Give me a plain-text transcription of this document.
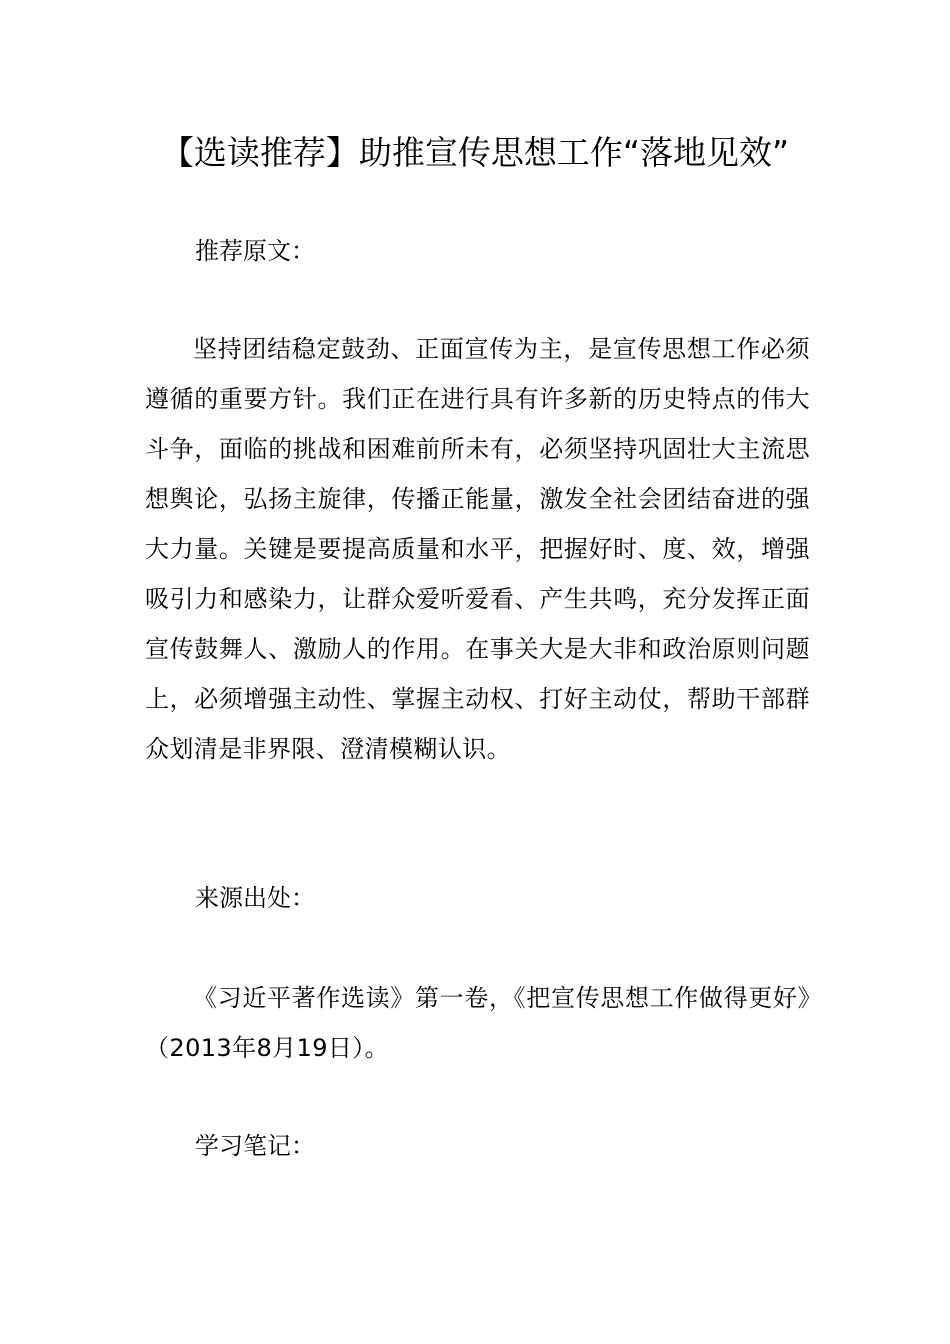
【选读推荐】助推宣传思想工作“落地见效”

推荐原文：

坚持团结稳定鼓劲、正面宣传为主，是宣传思想工作必须遵循的重要方针。我们正在进行具有许多新的历史特点的伟大斗争，面临的挑战和困难前所未有，必须坚持巩固壮大主流思想舆论，弘扬主旋律，传播正能量，激发全社会团结奋进的强大力量。关键是要提高质量和水平，把握好时、度、效，增强吸引力和感染力，让群众爱听爱看、产生共鸣，充分发挥正面宣传鼓舞人、激励人的作用。在事关大是大非和政治原则问题上，必须增强主动性、掌握主动权、打好主动仗，帮助干部群众划清是非界限、澄清模糊认识。

来源出处：

《习近平著作选读》第一卷，《把宣传思想工作做得更好》（2013年8月19日）。

学习笔记：
